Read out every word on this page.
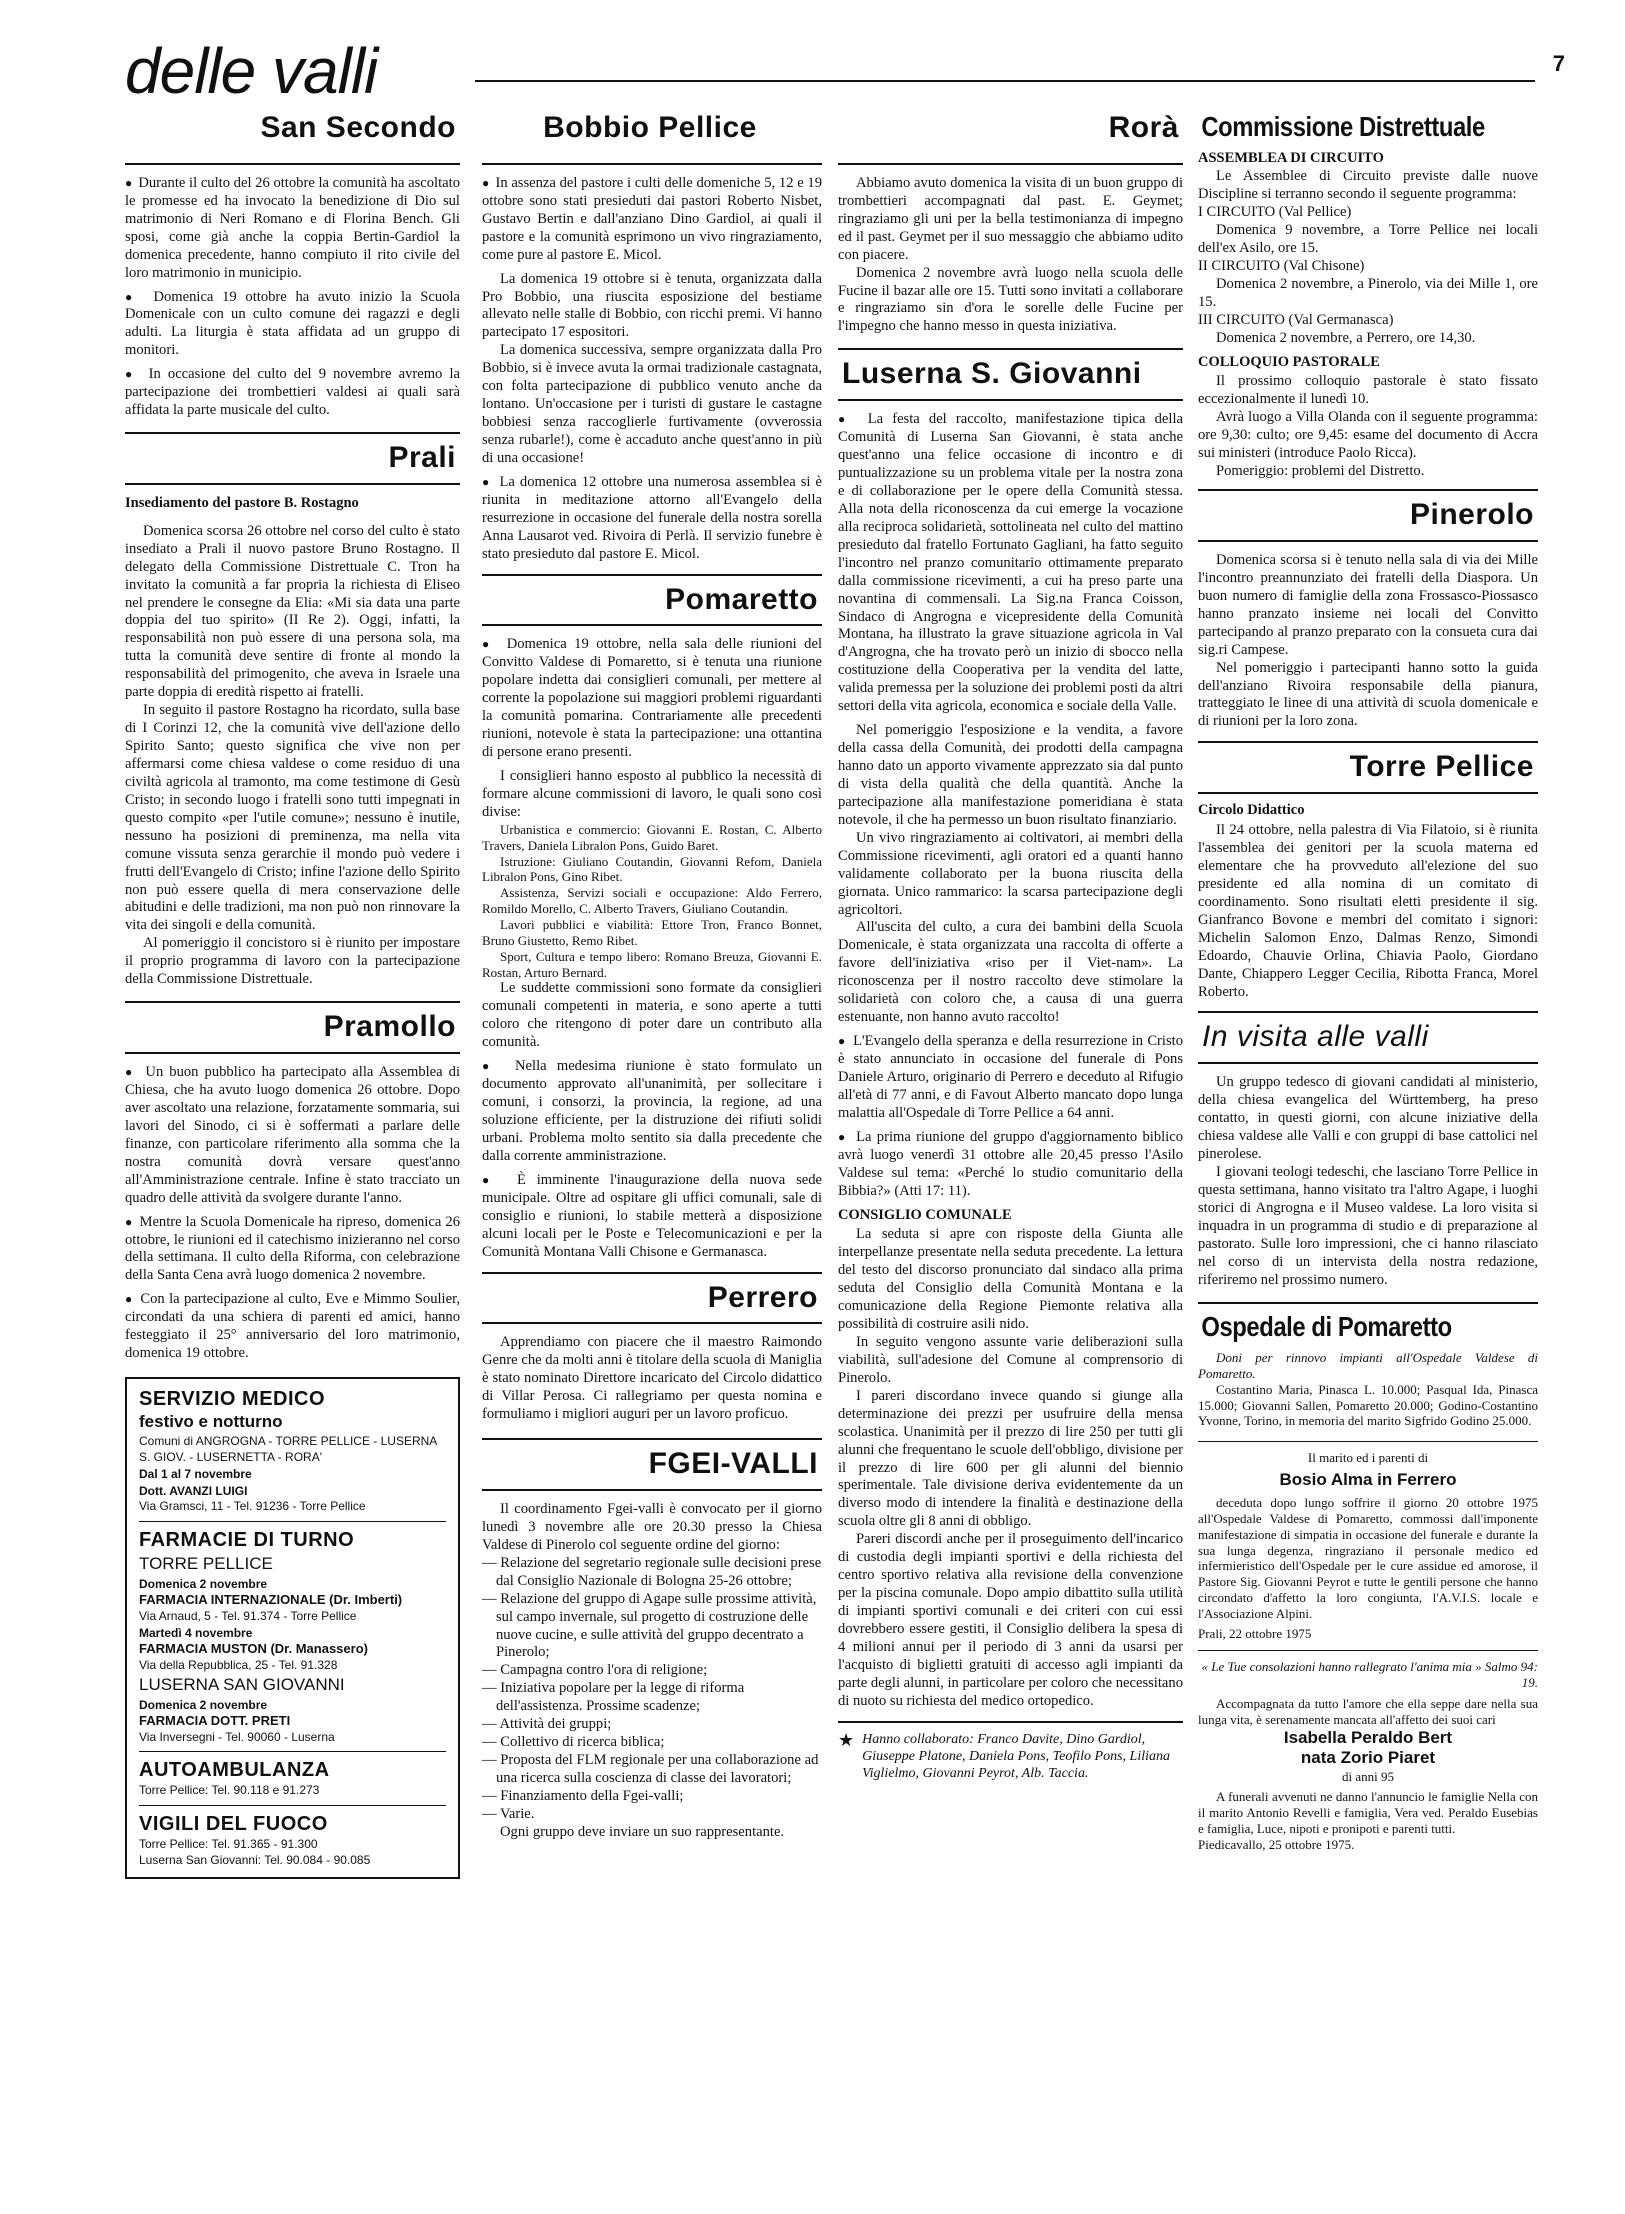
delle valli	7
San Secondo

●  Durante il culto del 26 ottobre la comunità ha ascoltato le promesse ed ha invocato la benedizione di Dio sul matrimonio di Neri Romano e di Florina Bench. Gli sposi, come già anche la coppia Bertin-Gardiol la domenica precedente, hanno compiuto il rito civile del loro matrimonio in municipio.

●  Domenica 19 ottobre ha avuto inizio la Scuola Domenicale con un culto comune dei ragazzi e degli adulti. La liturgia è stata affidata ad un gruppo di monitori.

●  In occasione del culto del 9 novembre avremo la partecipazione dei trombettieri valdesi ai quali sarà affidata la parte musicale del culto.

Prali
Insediamento del pastore B. Rostagno

Domenica scorsa 26 ottobre nel corso del culto è stato insediato a Prali il nuovo pastore Bruno Rostagno. Il delegato della Commissione Distrettuale C. Tron ha invitato la comunità a far propria la richiesta di Eliseo nel prendere le consegne da Elia: «Mi sia data una parte doppia del tuo spirito» (II Re 2). Oggi, infatti, la responsabilità non può essere di una persona sola, ma tutta la comunità deve sentire di fronte al mondo la responsabilità del primogenito, che aveva in Israele una parte doppia di eredità rispetto ai fratelli.

In seguito il pastore Rostagno ha ricordato, sulla base di I Corinzi 12, che la comunità vive dell'azione dello Spirito Santo; questo significa che vive non per affermarsi come chiesa valdese o come residuo di una civiltà agricola al tramonto, ma come testimone di Gesù Cristo; in secondo luogo i fratelli sono tutti impegnati in questo compito «per l'utile comune»; nessuno è inutile, nessuno ha posizioni di preminenza, ma nella vita comune vissuta senza gerarchie il mondo può vedere i frutti dell'Evangelo di Cristo; infine l'azione dello Spirito non può essere quella di mera conservazione delle abitudini e delle tradizioni, ma non può non rinnovare la vita dei singoli e della comunità.

Al pomeriggio il concistoro si è riunito per impostare il proprio programma di lavoro con la partecipazione della Commissione Distrettuale.

Pramollo

●  Un buon pubblico ha partecipato alla Assemblea di Chiesa, che ha avuto luogo domenica 26 ottobre. Dopo aver ascoltato una relazione, forzatamente sommaria, sui lavori del Sinodo, ci si è soffermati a parlare delle finanze, con particolare riferimento alla somma che la nostra comunità dovrà versare quest'anno all'Amministrazione centrale. Infine è stato tracciato un quadro delle attività da svolgere durante l'anno.

●  Mentre la Scuola Domenicale ha ripreso, domenica 26 ottobre, le riunioni ed il catechismo inizieranno nel corso della settimana. Il culto della Riforma, con celebrazione della Santa Cena avrà luogo domenica 2 novembre.

●  Con la partecipazione al culto, Eve e Mimmo Soulier, circondati da una schiera di parenti ed amici, hanno festeggiato il 25° anniversario del loro matrimonio, domenica 19 ottobre.

SERVIZIO MEDICO
festivo e notturno
Comuni di ANGROGNA - TORRE PELLICE - LUSERNA S. GIOV. - LUSERNETTA - RORA'
Dal 1 al 7 novembre
Dott. AVANZI LUIGI
Via Gramsci, 11 - Tel. 91236 - Torre Pellice
FARMACIE DI TURNO
TORRE PELLICE
Domenica 2 novembre
FARMACIA INTERNAZIONALE (Dr. Imberti)
Via Arnaud, 5 - Tel. 91.374 - Torre Pellice
Martedì 4 novembre
FARMACIA MUSTON (Dr. Manassero)
Via della Repubblica, 25 - Tel. 91.328
LUSERNA SAN GIOVANNI
Domenica 2 novembre
FARMACIA DOTT. PRETI
Via Inversegni - Tel. 90060 - Luserna
AUTOAMBULANZA
Torre Pellice: Tel. 90.118 e 91.273
VIGILI DEL FUOCO
Torre Pellice: Tel. 91.365 - 91.300
Luserna San Giovanni: Tel. 90.084 - 90.085
Bobbio Pellice

●  In assenza del pastore i culti delle domeniche 5, 12 e 19 ottobre sono stati presieduti dai pastori Roberto Nisbet, Gustavo Bertin e dall'anziano Dino Gardiol, ai quali il pastore e la comunità esprimono un vivo ringraziamento, come pure al pastore E. Micol.

La domenica 19 ottobre si è tenuta, organizzata dalla Pro Bobbio, una riuscita esposizione del bestiame allevato nelle stalle di Bobbio, con ricchi premi. Vi hanno partecipato 17 espositori.

La domenica successiva, sempre organizzata dalla Pro Bobbio, si è invece avuta la ormai tradizionale castagnata, con folta partecipazione di pubblico venuto anche da lontano. Un'occasione per i turisti di gustare le castagne bobbiesi senza raccoglierle furtivamente (ovverossia senza rubarle!), come è accaduto anche quest'anno in più di una occasione!

●  La domenica 12 ottobre una numerosa assemblea si è riunita in meditazione attorno all'Evangelo della resurrezione in occasione del funerale della nostra sorella Anna Lausarot ved. Rivoira di Perlà. Il servizio funebre è stato presieduto dal pastore E. Micol.

Pomaretto

●  Domenica 19 ottobre, nella sala delle riunioni del Convitto Valdese di Pomaretto, si è tenuta una riunione popolare indetta dai consiglieri comunali, per mettere al corrente la popolazione sui maggiori problemi riguardanti la comunità pomarina. Contrariamente alle precedenti riunioni, notevole è stata la partecipazione: una ottantina di persone erano presenti.

I consiglieri hanno esposto al pubblico la necessità di formare alcune commissioni di lavoro, le quali sono così divise:

Urbanistica e commercio: Giovanni E. Rostan, C. Alberto Travers, Daniela Libralon Pons, Guido Baret.

Istruzione: Giuliano Coutandin, Giovanni Refom, Daniela Libralon Pons, Gino Ribet.

Assistenza, Servizi sociali e occupazione: Aldo Ferrero, Romildo Morello, C. Alberto Travers, Giuliano Coutandin.

Lavori pubblici e viabilità: Ettore Tron, Franco Bonnet, Bruno Giustetto, Remo Ribet.

Sport, Cultura e tempo libero: Romano Breuza, Giovanni E. Rostan, Arturo Bernard.

Le suddette commissioni sono formate da consiglieri comunali competenti in materia, e sono aperte a tutti coloro che ritengono di poter dare un contributo alla comunità.

●  Nella medesima riunione è stato formulato un documento approvato all'unanimità, per sollecitare i comuni, i consorzi, la provincia, la regione, ad una soluzione efficiente, per la distruzione dei rifiuti solidi urbani. Problema molto sentito sia dalla precedente che dalla corrente amministrazione.

●  È imminente l'inaugurazione della nuova sede municipale. Oltre ad ospitare gli uffici comunali, sale di consiglio e riunioni, lo stabile metterà a disposizione alcuni locali per le Poste e Telecomunicazioni e per la Comunità Montana Valli Chisone e Germanasca.

Perrero

Apprendiamo con piacere che il maestro Raimondo Genre che da molti anni è titolare della scuola di Maniglia è stato nominato Direttore incaricato del Circolo didattico di Villar Perosa. Ci rallegriamo per questa nomina e formuliamo i migliori auguri per un lavoro proficuo.

FGEI-VALLI

Il coordinamento Fgei-valli è convocato per il giorno lunedì 3 novembre alle ore 20.30 presso la Chiesa Valdese di Pinerolo col seguente ordine del giorno:

— Relazione del segretario regionale sulle decisioni prese dal Consiglio Nazionale di Bologna 25-26 ottobre;
— Relazione del gruppo di Agape sulle prossime attività, sul campo invernale, sul progetto di costruzione delle nuove cucine, e sulle attività del gruppo decentrato a Pinerolo;
— Campagna contro l'ora di religione;
— Iniziativa popolare per la legge di riforma dell'assistenza. Prossime scadenze;
— Attività dei gruppi;
— Collettivo di ricerca biblica;
— Proposta del FLM regionale per una collaborazione ad una ricerca sulla coscienza di classe dei lavoratori;
— Finanziamento della Fgei-valli;
— Varie.

Ogni gruppo deve inviare un suo rappresentante.

Rorà

Abbiamo avuto domenica la visita di un buon gruppo di trombettieri accompagnati dal past. E. Geymet; ringraziamo gli uni per la bella testimonianza di impegno ed il past. Geymet per il suo messaggio che abbiamo udito con piacere.

Domenica 2 novembre avrà luogo nella scuola delle Fucine il bazar alle ore 15. Tutti sono invitati a collaborare e ringraziamo sin d'ora le sorelle delle Fucine per l'impegno che hanno messo in questa iniziativa.

Luserna S. Giovanni

●  La festa del raccolto, manifestazione tipica della Comunità di Luserna San Giovanni, è stata anche quest'anno una felice occasione di incontro e di puntualizzazione su un problema vitale per la nostra zona e di collaborazione per le opere della Comunità stessa. Alla nota della riconoscenza da cui emerge la vocazione alla reciproca solidarietà, sottolineata nel culto del mattino presieduto dal fratello Fortunato Gagliani, ha fatto seguito l'incontro nel pranzo comunitario ottimamente preparato dalla commissione ricevimenti, a cui ha preso parte una novantina di commensali. La Sig.na Franca Coisson, Sindaco di Angrogna e vicepresidente della Comunità Montana, ha illustrato la grave situazione agricola in Val d'Angrogna, che ha trovato però un inizio di sbocco nella costituzione della Cooperativa per la vendita del latte, valida premessa per la soluzione dei problemi posti da altri settori della vita agricola, economica e sociale della Valle.

Nel pomeriggio l'esposizione e la vendita, a favore della cassa della Comunità, dei prodotti della campagna hanno dato un apporto vivamente apprezzato sia dal punto di vista della qualità che della quantità. Anche la partecipazione alla manifestazione pomeridiana è stata notevole, il che ha permesso un buon risultato finanziario.

Un vivo ringraziamento ai coltivatori, ai membri della Commissione ricevimenti, agli oratori ed a quanti hanno validamente collaborato per la buona riuscita della giornata. Unico rammarico: la scarsa partecipazione degli agricoltori.

All'uscita del culto, a cura dei bambini della Scuola Domenicale, è stata organizzata una raccolta di offerte a favore dell'iniziativa «riso per il Viet-nam». La riconoscenza per il nostro raccolto deve stimolare la solidarietà con coloro che, a causa di una guerra estenuante, non hanno avuto raccolto!

●  L'Evangelo della speranza e della resurrezione in Cristo è stato annunciato in occasione del funerale di Pons Daniele Arturo, originario di Perrero e deceduto al Rifugio all'età di 77 anni, e di Favout Alberto mancato dopo lunga malattia all'Ospedale di Torre Pellice a 64 anni.

●  La prima riunione del gruppo d'aggiornamento biblico avrà luogo venerdì 31 ottobre alle 20,45 presso l'Asilo Valdese sul tema: «Perché lo studio comunitario della Bibbia?» (Atti 17: 11).

CONSIGLIO COMUNALE

La seduta si apre con risposte della Giunta alle interpellanze presentate nella seduta precedente. La lettura del testo del discorso pronunciato dal sindaco alla prima seduta del Consiglio della Comunità Montana e la comunicazione della Regione Piemonte relativa alla possibilità di costruire asili nido.

In seguito vengono assunte varie deliberazioni sulla viabilità, sull'adesione del Comune al comprensorio di Pinerolo.

I pareri discordano invece quando si giunge alla determinazione dei prezzi per usufruire della mensa scolastica. Unanimità per il prezzo di lire 250 per tutti gli alunni che frequentano le scuole dell'obbligo, divisione per il prezzo di lire 600 per gli alunni del biennio sperimentale. Tale divisione deriva evidentemente da un diverso modo di intendere la finalità e destinazione della scuola oltre gli 8 anni di obbligo.

Pareri discordi anche per il proseguimento dell'incarico di custodia degli impianti sportivi e della richiesta del centro sportivo relativa alla revisione della convenzione per la piscina comunale. Dopo ampio dibattito sulla utilità di impianti sportivi comunali e dei criteri con cui essi dovrebbero essere gestiti, il Consiglio delibera la spesa di 4 milioni annui per il periodo di 3 anni da usarsi per l'acquisto di biglietti gratuiti di accesso agli impianti da parte degli alunni, in particolare per coloro che necessitano di nuoto su richiesta del medico ortopedico.

★ Hanno collaborato: Franco Davite, Dino Gardiol, Giuseppe Platone, Daniela Pons, Teofilo Pons, Liliana Viglielmo, Giovanni Peyrot, Alb. Taccia.
Commissione Distrettuale
ASSEMBLEA DI CIRCUITO

Le Assemblee di Circuito previste dalle nuove Discipline si terranno secondo il seguente programma:

I CIRCUITO (Val Pellice)

Domenica 9 novembre, a Torre Pellice nei locali dell'ex Asilo, ore 15.

II CIRCUITO (Val Chisone)

Domenica 2 novembre, a Pinerolo, via dei Mille 1, ore 15.

III CIRCUITO (Val Germanasca)

Domenica 2 novembre, a Perrero, ore 14,30.

COLLOQUIO PASTORALE

Il prossimo colloquio pastorale è stato fissato eccezionalmente il lunedì 10.

Avrà luogo a Villa Olanda con il seguente programma: ore 9,30: culto; ore 9,45: esame del documento di Accra sui ministeri (introduce Paolo Ricca).

Pomeriggio: problemi del Distretto.

Pinerolo

Domenica scorsa si è tenuto nella sala di via dei Mille l'incontro preannunziato dei fratelli della Diaspora. Un buon numero di famiglie della zona Frossasco-Piossasco hanno pranzato insieme nei locali del Convitto partecipando al pranzo preparato con la consueta cura dai sig.ri Campese.

Nel pomeriggio i partecipanti hanno sotto la guida dell'anziano Rivoira responsabile della pianura, tratteggiato le linee di una attività di scuola domenicale e di riunioni per la loro zona.

Torre Pellice
Circolo Didattico

Il 24 ottobre, nella palestra di Via Filatoio, si è riunita l'assemblea dei genitori per la scuola materna ed elementare che ha provveduto all'elezione del suo presidente ed alla nomina di un comitato di coordinamento. Sono risultati eletti presidente il sig. Gianfranco Bovone e membri del comitato i signori: Michelin Salomon Enzo, Dalmas Renzo, Simondi Edoardo, Chauvie Orlina, Chiavia Paolo, Giordano Dante, Chiappero Legger Cecilia, Ribotta Franca, Morel Roberto.

In visita alle valli

Un gruppo tedesco di giovani candidati al ministerio, della chiesa evangelica del Württemberg, ha preso contatto, in questi giorni, con alcune iniziative della chiesa valdese alle Valli e con gruppi di base cattolici nel pinerolese.

I giovani teologi tedeschi, che lasciano Torre Pellice in questa settimana, hanno visitato tra l'altro Agape, i luoghi storici di Angrogna e il Museo valdese. La loro visita si inquadra in un programma di studio e di preparazione al pastorato. Sulle loro impressioni, che ci hanno rilasciato nel corso di un intervista della nostra redazione, riferiremo nel prossimo numero.

Ospedale di Pomaretto

Doni per rinnovo impianti all'Ospedale Valdese di Pomaretto.

Costantino Maria, Pinasca L. 10.000; Pasqual Ida, Pinasca 15.000; Giovanni Sallen, Pomaretto 20.000; Godino-Costantino Yvonne, Torino, in memoria del marito Sigfrido Godino 25.000.

Il marito ed i parenti di
Bosio Alma in Ferrero

deceduta dopo lungo soffrire il giorno 20 ottobre 1975 all'Ospedale Valdese di Pomaretto, commossi dall'imponente manifestazione di simpatia in occasione del funerale e durante la sua lunga degenza, ringraziano il personale medico ed infermieristico dell'Ospedale per le cure assidue ed amorose, il Pastore Sig. Giovanni Peyrot e tutte le gentili persone che hanno circondato d'affetto la loro congiunta, l'A.V.I.S. locale e l'Associazione Alpini.

Prali, 22 ottobre 1975

« Le Tue consolazioni hanno rallegrato l'anima mia » Salmo 94: 19.

Accompagnata da tutto l'amore che ella seppe dare nella sua lunga vita, è serenamente mancata all'affetto dei suoi cari

Isabella Peraldo Bert
nata Zorio Piaret
di anni 95

A funerali avvenuti ne danno l'annuncio le famiglie Nella con il marito Antonio Revelli e famiglia, Vera ved. Peraldo Eusebias e famiglia, Luce, nipoti e pronipoti e parenti tutti.

Piedicavallo, 25 ottobre 1975.
